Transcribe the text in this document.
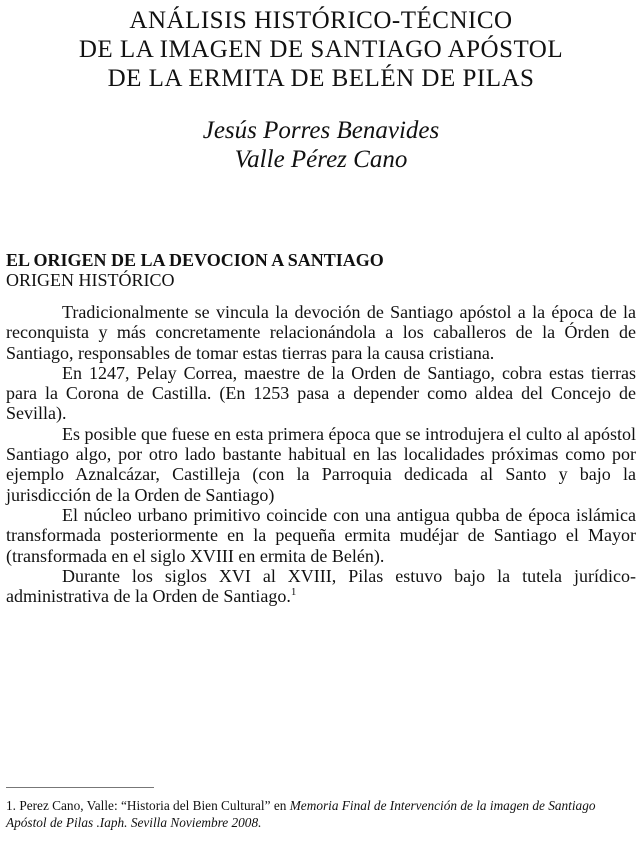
ANÁLISIS HISTÓRICO-TÉCNICO
DE LA IMAGEN DE SANTIAGO APÓSTOL
DE LA ERMITA DE BELÉN DE PILAS
Jesús Porres Benavides
Valle Pérez Cano
EL ORIGEN DE LA DEVOCION A SANTIAGO
ORIGEN HISTÓRICO

Tradicionalmente se vincula la devoción de Santiago apóstol a la época de la reconquista y más concretamente relacionándola a los caballeros de la Órden de Santiago, responsables de tomar estas tierras para la causa cristiana.

En 1247, Pelay Correa, maestre de la Orden de Santiago, cobra estas tierras para la Corona de Castilla. (En 1253 pasa a depender como aldea del Concejo de Sevilla).

Es posible que fuese en esta primera época que se introdujera el culto al apóstol Santiago algo, por otro lado bastante habitual en las localidades próximas como por ejemplo Aznalcázar, Castilleja (con la Parroquia dedicada al Santo y bajo la jurisdicción de la Orden de Santiago)

El núcleo urbano primitivo coincide con una antigua qubba de época islámica transformada posteriormente en la pequeña ermita mudéjar de Santiago el Mayor (transformada en el siglo XVIII en ermita de Belén).

Durante los siglos XVI al XVIII, Pilas estuvo bajo la tutela jurídico-administrativa de la Orden de Santiago.$^1$

1. Perez Cano, Valle: “Historia del Bien Cultural” en Memoria Final de Intervención de la imagen de Santiago Apóstol de Pilas .Iaph. Sevilla Noviembre 2008.
